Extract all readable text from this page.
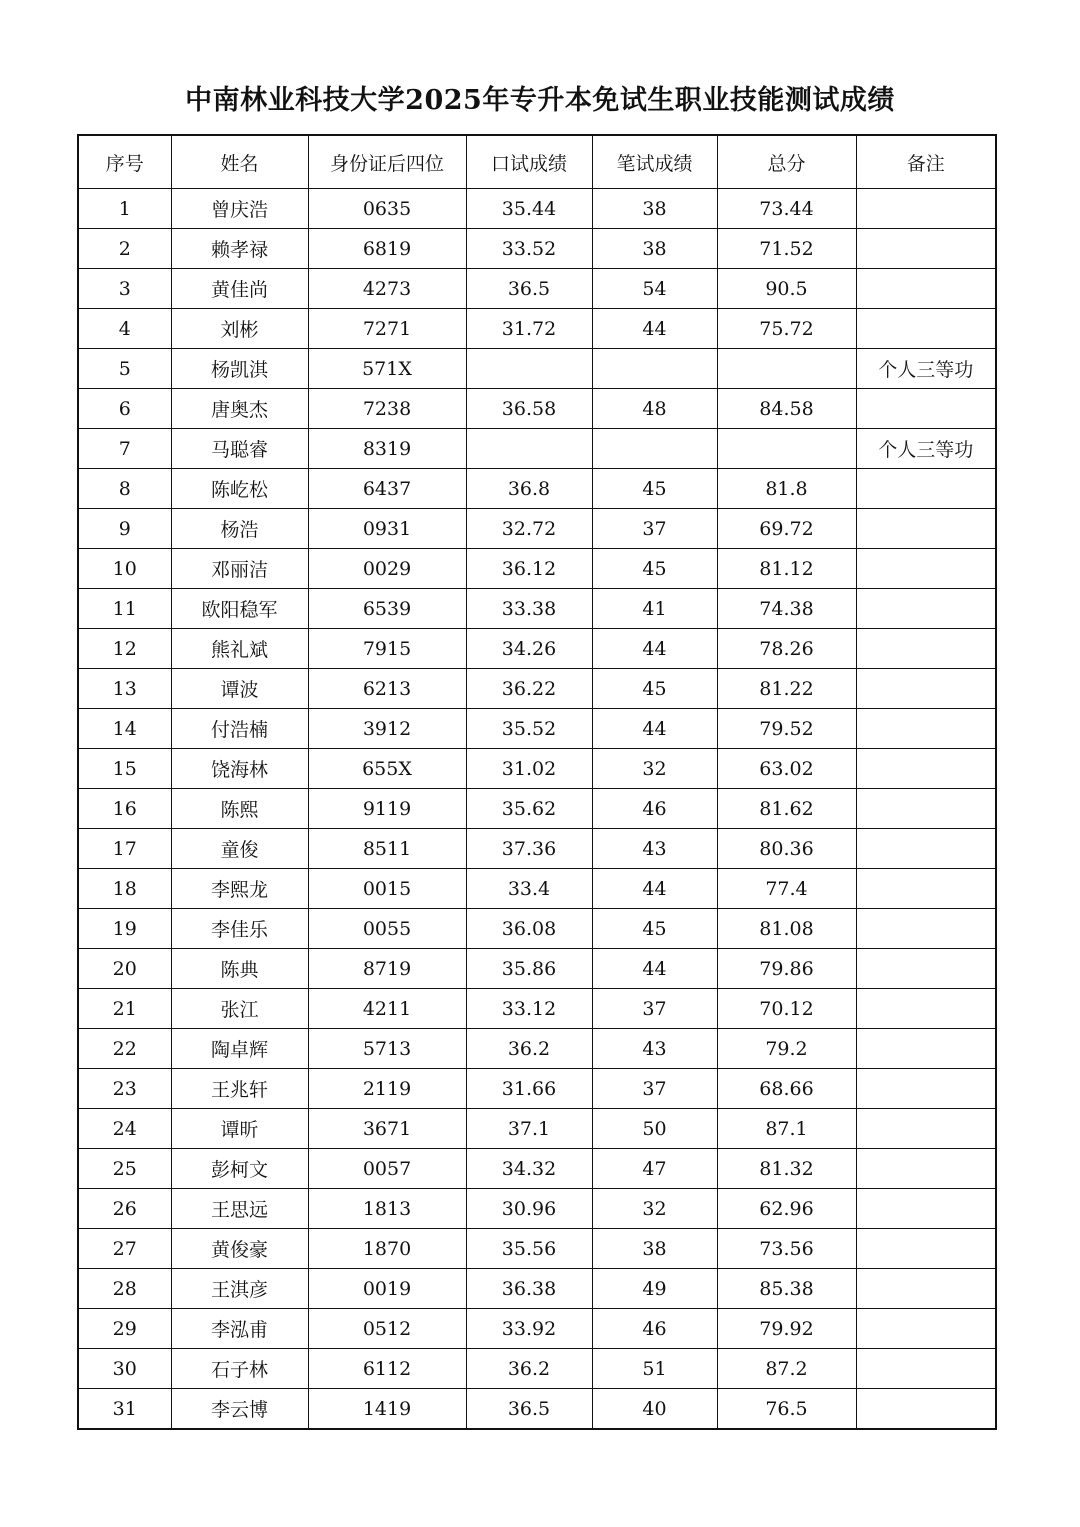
中南林业科技大学2025年专升本免试生职业技能测试成绩
序号	姓名	身份证后四位	口试成绩	笔试成绩	总分	备注
1	曾庆浩	0635	35.44	38	73.44	
2	赖孝禄	6819	33.52	38	71.52	
3	黄佳尚	4273	36.5	54	90.5	
4	刘彬	7271	31.72	44	75.72	
5	杨凯淇	571X				个人三等功
6	唐奥杰	7238	36.58	48	84.58	
7	马聪睿	8319				个人三等功
8	陈屹松	6437	36.8	45	81.8	
9	杨浩	0931	32.72	37	69.72	
10	邓丽洁	0029	36.12	45	81.12	
11	欧阳稳军	6539	33.38	41	74.38	
12	熊礼斌	7915	34.26	44	78.26	
13	谭波	6213	36.22	45	81.22	
14	付浩楠	3912	35.52	44	79.52	
15	饶海林	655X	31.02	32	63.02	
16	陈熙	9119	35.62	46	81.62	
17	童俊	8511	37.36	43	80.36	
18	李熙龙	0015	33.4	44	77.4	
19	李佳乐	0055	36.08	45	81.08	
20	陈典	8719	35.86	44	79.86	
21	张江	4211	33.12	37	70.12	
22	陶卓辉	5713	36.2	43	79.2	
23	王兆轩	2119	31.66	37	68.66	
24	谭昕	3671	37.1	50	87.1	
25	彭柯文	0057	34.32	47	81.32	
26	王思远	1813	30.96	32	62.96	
27	黄俊豪	1870	35.56	38	73.56	
28	王淇彦	0019	36.38	49	85.38	
29	李泓甫	0512	33.92	46	79.92	
30	石子林	6112	36.2	51	87.2	
31	李云博	1419	36.5	40	76.5	
